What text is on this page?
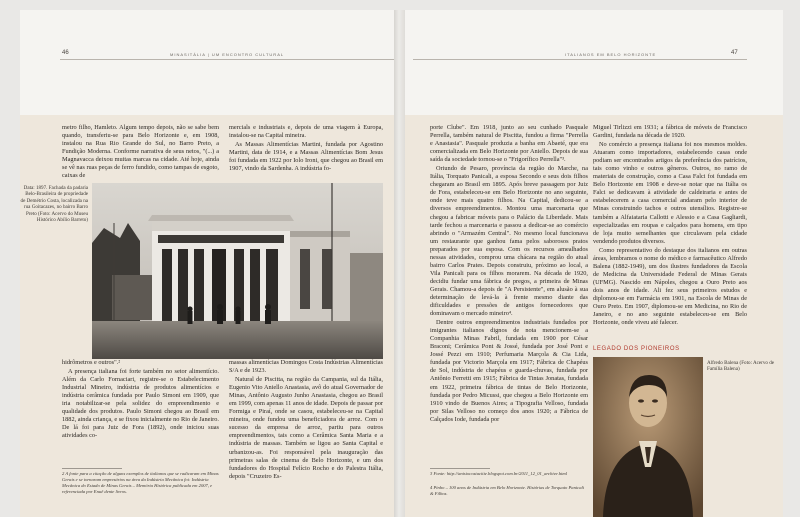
46	MINASITÁLIA | UM ENCONTRO CULTURAL

metro filho, Hamleto. Algum tempo depois, não se sabe bem quando, transferiu-se para Belo Horizonte e, em 1908, instalou na Rua Rio Grande do Sul, no Barro Preto, a Fundição Moderna. Conforme narrativa de seus netos, "(...) a Magnavacca deixou muitas marcas na cidade. Até hoje, ainda se vê nas ruas peças de ferro fundido, como tampas de esgoto, caixas de

mercials e industriais e, depois de uma viagem à Europa, instalou-se na Capital mineira.

As Massas Alimentícias Martini, fundada por Agostino Martini, data de 1914, e a Massas Alimentícias Bom Jesus foi fundada em 1922 por Iolo Ironi, que chegou ao Brasil em 1907, vindo da Sardenha. A indústria fo-

Data: 1897. Fachada da padaria Belo-Brasileira de propriedade de Demétrio Costa, localizada na rua Goitacazes, no bairro Barro Preto (Foto: Acervo do Museu Histórico Abílio Barreto)

hidrômetros e outros".²

A presença italiana foi forte também no setor alimentício. Além da Carlo Fornaciari, registre-se o Estabelecimento Industrial Mineiro, indústria de produtos alimentícios e indústria cerâmica fundada por Paulo Simoni em 1909, que iria notabilizar-se pela solidez do empreendimento e qualidade dos produtos. Paulo Simoni chegou ao Brasil em 1882, ainda criança, e se fixou inicialmente no Rio de Janeiro. De lá foi para Juiz de Fora (1892), onde iniciou suas atividades co-

massas alimentícias Domingos Costa Indústrias Alimentícias S/A e de 1923.

Natural de Piscitta, na região da Campania, sul da Itália, Eugenio Vito Aniello Anastasia, avô do atual Governador de Minas, Antônio Augusto Junho Anastasia, chegou ao Brasil em 1999, com apenas 11 anos de idade. Depois de passar por Formiga e Piraí, onde se casou, estabeleceu-se na Capital mineira, onde fundou uma beneficiadora de arroz. Com o sucesso da empresa de arroz, partiu para outros empreendimentos, tais como a Cerâmica Santa Maria e a indústria de massas. Também se ligou ao Santa Capital e urbanizou-as. Foi responsável pela inauguração das primeiras salas de cinema de Belo Horizonte, e um dos fundadores do Hospital Felício Rocho e do Palestra Itália, depois "Cruzeiro Es-

2 A fonte para a citação de alguns exemplos de italianos que se radicaram em Minas Gerais e se tornaram empresários na área da Indústria Mecânica foi: Indústria Mecânica do Estado de Minas Gerais – Memória Histórica publicada em 2007, e referenciada por Enuê dente livros.
ITALIANOS EM BELO HORIZONTE	47

porte Clube". Em 1918, junto ao seu cunhado Pasquale Perrella, também natural de Piscitta, fundou a firma "Perrella e Anastasia". Pasquale produzia a banha em Abaeté, que era comercializada em Belo Horizonte por Aniello. Depois de sua saída da sociedade tornou-se o "Frigorífico Perrella"³.

Oriundo de Pesaro, província da região do Marche, na Itália, Torquato Panicali, a esposa Secondo e seus dois filhos chegaram ao Brasil em 1895. Após breve passagem por Juiz de Fora, estabeleceu-se em Belo Horizonte no ano seguinte, onde teve mais quatro filhos. Na Capital, dedicou-se a diversos empreendimentos. Montou uma marcenaria que chegou a fabricar móveis para o Palácio da Liberdade. Mais tarde fechou a marcenaria e passou a dedicar-se ao comércio abrindo o "Armazém Central". No mesmo local funcionava um restaurante que ganhou fama pelos saborosos pratos preparados por sua esposa. Com os recursos amealhados nessas atividades, comprou uma chácara na região do atual bairro Carlos Prates. Depois construiu, próximo ao local, a Vila Panicali para os filhos morarem. Na década de 1920, decidiu fundar uma fábrica de pregos, a primeira de Minas Gerais. Chamou-a depois de "A Persistente", em alusão à sua determinação de levá-la à frente mesmo diante das dificuldades e pressões de antigos fornecedores que dominavam o mercado mineiro⁴.

Dentre outros empreendimentos industriais fundados por imigrantes italianos dignos de nota mencionem-se a Companhia Minas Fabril, fundada em 1900 por César Braconi; Cerâmica Pont & Jossé, fundada por José Pont e Jossé Pezzi em 1910; Perfumaria Marçola & Cia Ltda, fundada por Victorio Marçola em 1917; Fábrica de Chapéus de Sol, indústria de chapéus e guarda-chuvas, fundada por Antônio Ferretti em 1915; Fábrica de Tintas Jonatas, fundada em 1922, primeira fábrica de tintas de Belo Horizonte, fundada por Pedro Micussi, que chegou a Belo Horizonte em 1910 vindo de Buenos Aires; a Tipografia Velloso, fundada por Silas Velloso no começo dos anos 1920; a Fábrica de Calçados Iode, fundada por

Miguel Tirlizzi em 1931; a fábrica de móveis de Francisco Gardini, fundada na década de 1920.

No comércio a presença italiana foi nos mesmos moldes. Atuaram como importadores, estabelecendo casas onde podiam ser encontrados artigos da preferência dos patrícios, tais como vinho e outros gêneros. Outros, no ramo de materiais de construção, como a Casa Falci foi fundada em Belo Horizonte em 1908 e deve-se notar que na Itália os Falci se dedicavam à atividade de caldeiraria e antes de estabelecerem a casa comercial andaram pelo interior de Minas construindo tachos e outros utensílios. Registre-se também a Alfaiataria Callotti e Alessio e a Casa Gagliardi, especializadas em roupas e calçados para homens, em tipo de loja muito semelhantes que circulavam pela cidade vendendo produtos diversos.

Como representativo do destaque dos italianos em outras áreas, lembramos o nome do médico e farmacêutico Alfredo Balena (1882-1949), um dos ilustres fundadores da Escola de Medicina da Universidade Federal de Minas Gerais (UFMG). Nascido em Nápoles, chegou a Ouro Preto aos dois anos de idade. Ali fez seus primeiros estudos e diplomou-se em Farmácia em 1901, na Escola de Minas de Ouro Preto. Em 1907, diplomou-se em Medicina, no Rio de Janeiro, e no ano seguinte estabeleceu-se em Belo Horizonte, onde viveu até falecer.

LEGADO DOS PIONEIROS
Alfredo Balena (Foto: Acervo de Família Balena)
3 Fonte: http://anisiocostacitte.blogspot.com.br/2011_12_01_archive.html
4 Pinho – 100 anos de Indústria em Belo Horizonte. Histórias de Torquato Panicali & Filhos.
